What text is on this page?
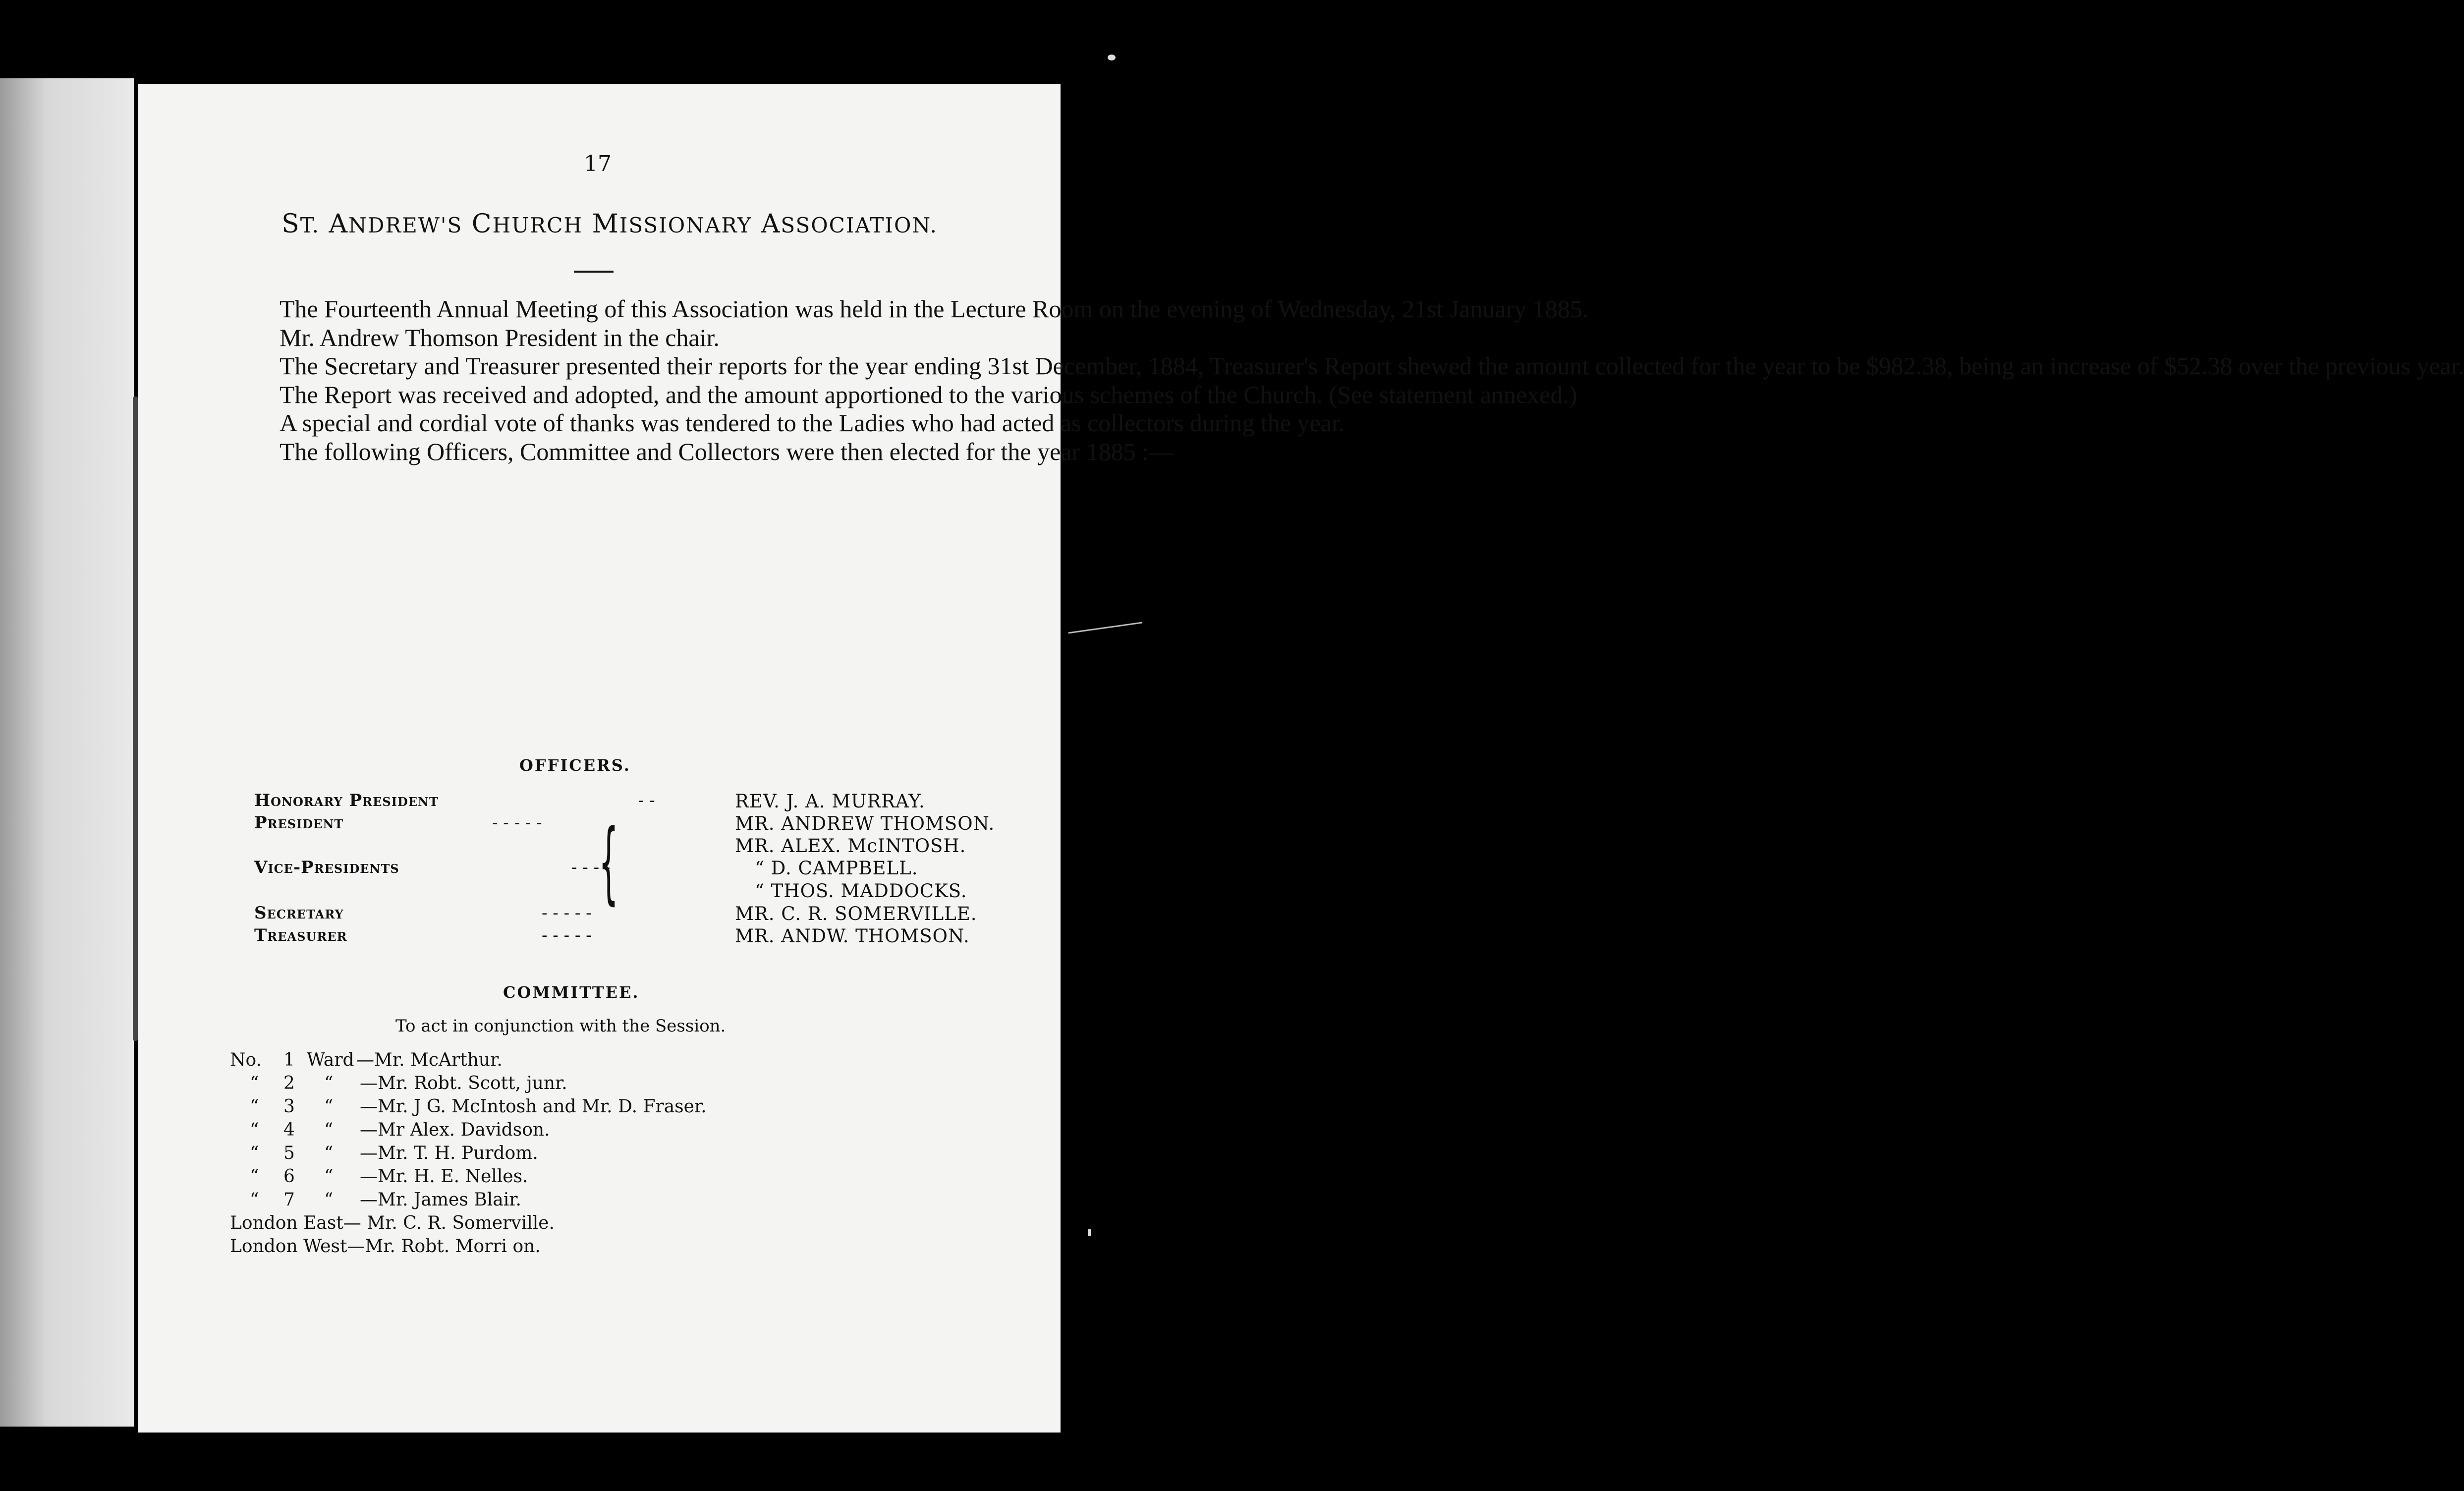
17
ST. ANDREW'S CHURCH MISSIONARY ASSOCIATION.

The Fourteenth Annual Meeting of this Association was held in the Lecture Room on the evening of Wednesday, 21st January 1885.

Mr. Andrew Thomson President in the chair.

The Secretary and Treasurer presented their reports for the year ending 31st December, 1884, Treasurer's Report shewed the amount collected for the year to be $982.38, being an increase of $52.38 over the previous year.

The Report was received and adopted, and the amount apportioned to the various schemes of the Church. (See statement annexed.)

A special and cordial vote of thanks was tendered to the Ladies who had acted as collectors during the year.

The following Officers, Committee and Collectors were then elected for the year 1885 :—

OFFICERS.
Honorary President	- -	REV. J. A. MURRAY.
President	- - - - -	MR. ANDREW THOMSON.
{	MR. ALEX. McINTOSH.
Vice-Presidents	- - - -	“ D. CAMPBELL.
“ THOS. MADDOCKS.
Secretary	- - - - -	MR. C. R. SOMERVILLE.
Treasurer	- - - - -	MR. ANDW. THOMSON.
COMMITTEE.
To act in conjunction with the Session.
No. 1 Ward —Mr. McArthur.
“ 2 “ —Mr. Robt. Scott, junr.
“ 3 “ —Mr. J G. McIntosh and Mr. D. Fraser.
“ 4 “ —Mr Alex. Davidson.
“ 5 “ —Mr. T. H. Purdom.
“ 6 “ —Mr. H. E. Nelles.
“ 7 “ —Mr. James Blair.
London East— Mr. C. R. Somerville.
London West—Mr. Robt. Morri on.
